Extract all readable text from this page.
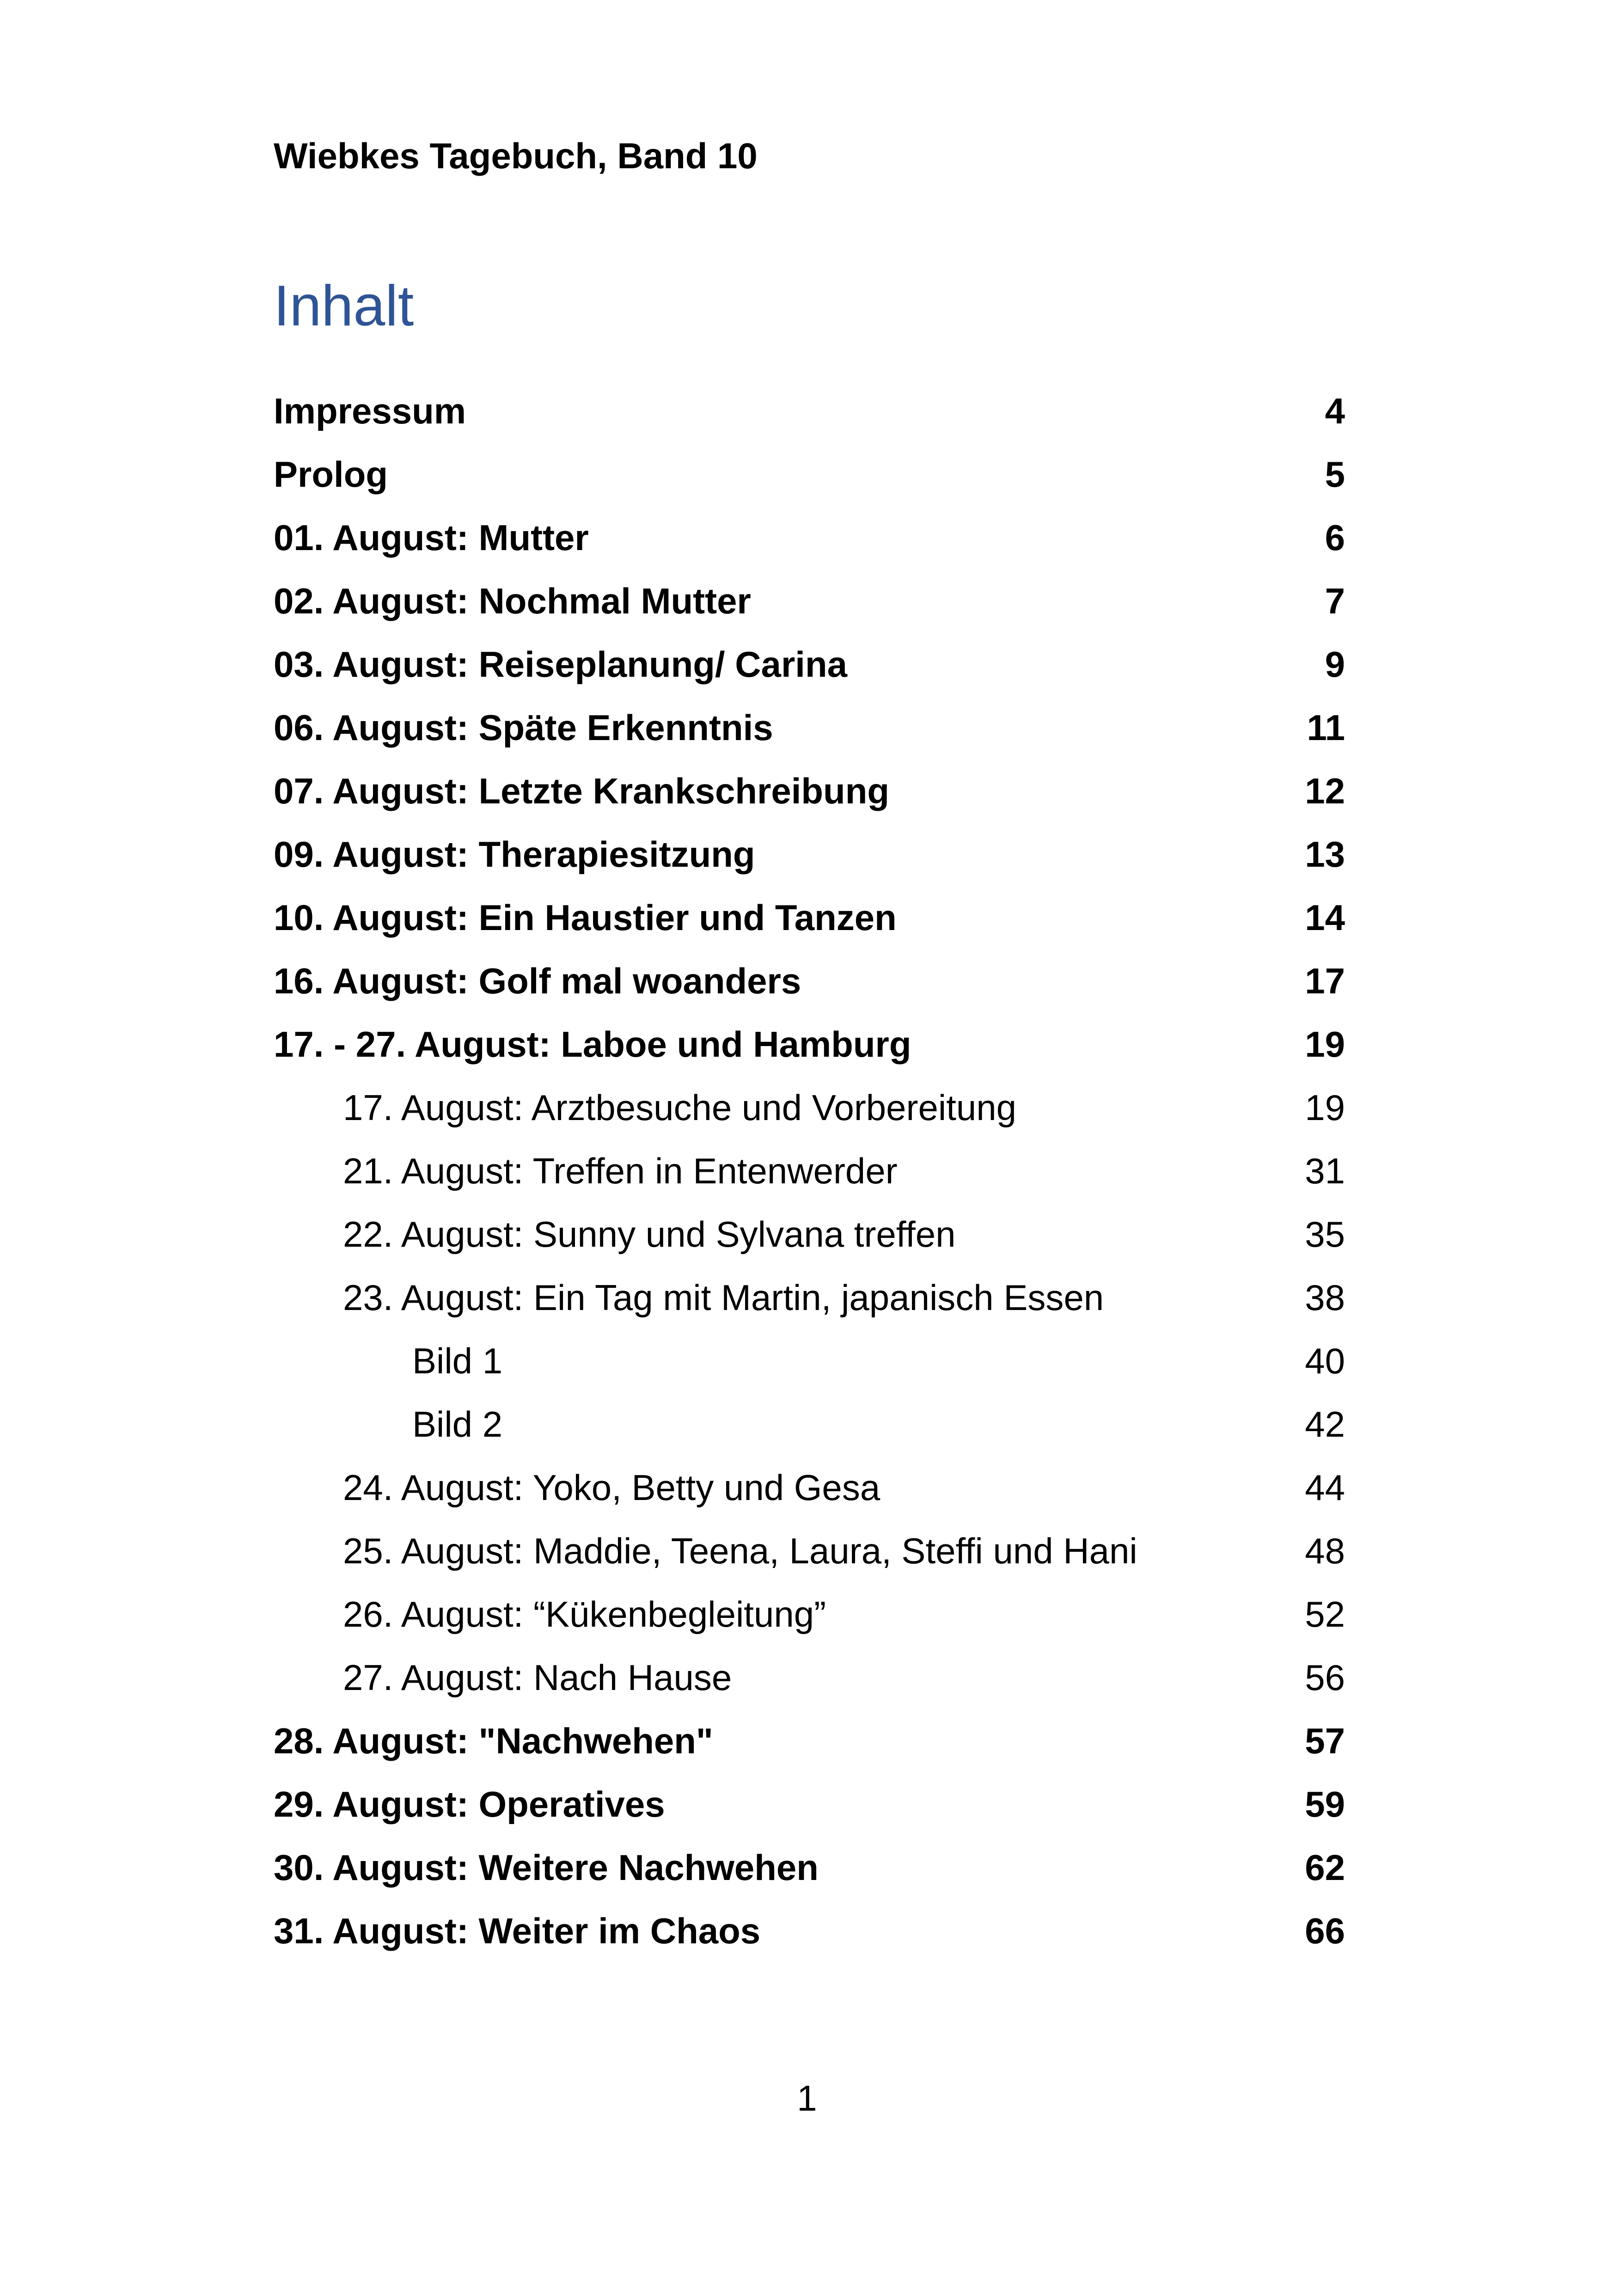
Wiebkes Tagebuch, Band 10
Inhalt
Impressum	4
Prolog	5
01. August: Mutter	6
02. August: Nochmal Mutter	7
03. August: Reiseplanung/ Carina	9
06. August: Späte Erkenntnis	11
07. August: Letzte Krankschreibung	12
09. August: Therapiesitzung	13
10. August: Ein Haustier und Tanzen	14
16. August: Golf mal woanders	17
17. - 27. August: Laboe und Hamburg	19
17. August: Arztbesuche und Vorbereitung	19
21. August: Treffen in Entenwerder	31
22. August: Sunny und Sylvana treffen	35
23. August: Ein Tag mit Martin, japanisch Essen	38
Bild 1	40
Bild 2	42
24. August: Yoko, Betty und Gesa	44
25. August: Maddie, Teena, Laura, Steffi und Hani	48
26. August: “Kükenbegleitung”	52
27. August: Nach Hause	56
28. August: "Nachwehen"	57
29. August: Operatives	59
30. August: Weitere Nachwehen	62
31. August: Weiter im Chaos	66
1
